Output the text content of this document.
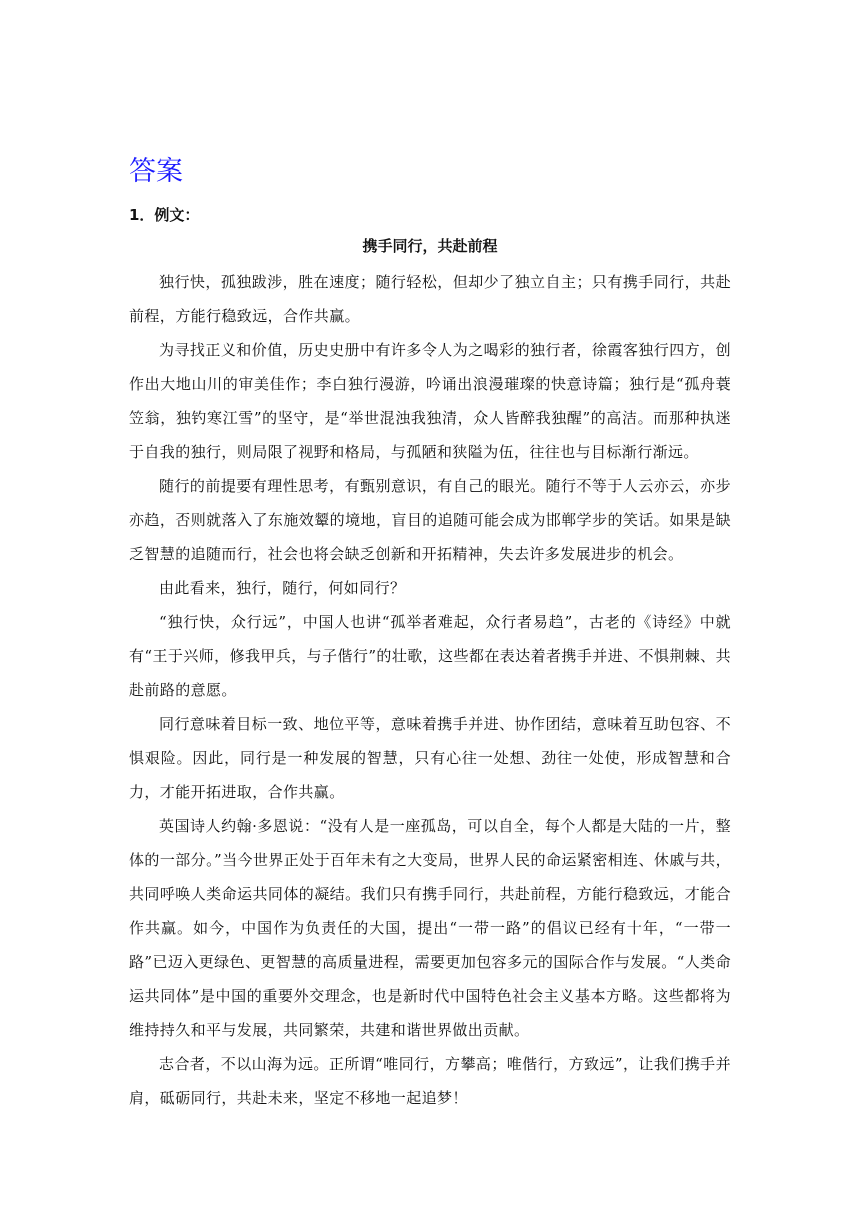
答案
1．例文：
携手同行，共赴前程

独行快，孤独跋涉，胜在速度；随行轻松，但却少了独立自主；只有携手同行，共赴前程，方能行稳致远，合作共赢。

为寻找正义和价值，历史史册中有许多令人为之喝彩的独行者，徐霞客独行四方，创作出大地山川的审美佳作；李白独行漫游，吟诵出浪漫璀璨的快意诗篇；独行是“孤舟蓑笠翁，独钓寒江雪”的坚守，是“举世混浊我独清，众人皆醉我独醒”的高洁。而那种执迷于自我的独行，则局限了视野和格局，与孤陋和狭隘为伍，往往也与目标渐行渐远。

随行的前提要有理性思考，有甄别意识，有自己的眼光。随行不等于人云亦云，亦步亦趋，否则就落入了东施效颦的境地，盲目的追随可能会成为邯郸学步的笑话。如果是缺乏智慧的追随而行，社会也将会缺乏创新和开拓精神，失去许多发展进步的机会。

由此看来，独行，随行，何如同行？

“独行快，众行远”，中国人也讲“孤举者难起，众行者易趋”，古老的《诗经》中就有“王于兴师，修我甲兵，与子偕行”的壮歌，这些都在表达着者携手并进、不惧荆棘、共赴前路的意愿。

同行意味着目标一致、地位平等，意味着携手并进、协作团结，意味着互助包容、不惧艰险。因此，同行是一种发展的智慧，只有心往一处想、劲往一处使，形成智慧和合力，才能开拓进取，合作共赢。

英国诗人约翰·多恩说：“没有人是一座孤岛，可以自全，每个人都是大陆的一片，整体的一部分。”当今世界正处于百年未有之大变局，世界人民的命运紧密相连、休戚与共，共同呼唤人类命运共同体的凝结。我们只有携手同行，共赴前程，方能行稳致远，才能合作共赢。如今，中国作为负责任的大国，提出“一带一路”的倡议已经有十年，“一带一路”已迈入更绿色、更智慧的高质量进程，需要更加包容多元的国际合作与发展。“人类命运共同体”是中国的重要外交理念，也是新时代中国特色社会主义基本方略。这些都将为维持持久和平与发展，共同繁荣，共建和谐世界做出贡献。

志合者，不以山海为远。正所谓“唯同行，方攀高；唯偕行，方致远”，让我们携手并肩，砥砺同行，共赴未来，坚定不移地一起追梦！
